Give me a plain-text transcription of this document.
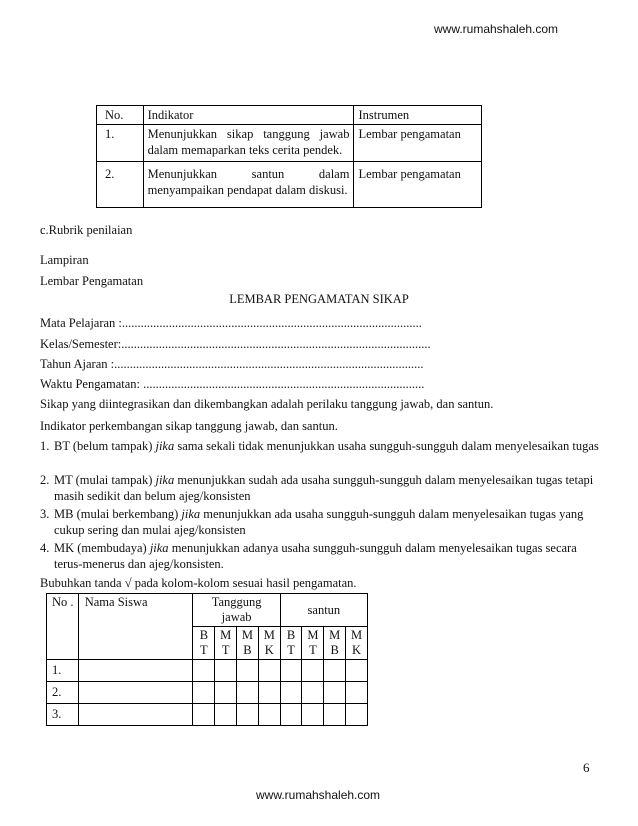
www.rumahshaleh.com
No.	Indikator	Instrumen
1.	Menunjukkan sikap tanggung jawab dalam memaparkan teks cerita pendek.	Lembar pengamatan
2.	Menunjukkan santun dalam menyampaikan pendapat dalam diskusi.	Lembar pengamatan
c.Rubrik penilaian
Lampiran
Lembar Pengamatan
LEMBAR PENGAMATAN SIKAP
Mata Pelajaran :................................................................................................
Kelas/Semester:...................................................................................................
Tahun Ajaran :...................................................................................................
Waktu Pengamatan: ..........................................................................................
Sikap yang diintegrasikan dan dikembangkan adalah perilaku tanggung jawab, dan santun.
Indikator perkembangan sikap tanggung jawab, dan santun.
1. BT (belum tampak) jika sama sekali tidak menunjukkan usaha sungguh-sungguh dalam menyelesaikan tugas
2. MT (mulai tampak) jika menunjukkan sudah ada usaha sungguh-sungguh dalam menyelesaikan tugas tetapi masih sedikit dan belum ajeg/konsisten
3. MB (mulai berkembang) jika menunjukkan ada usaha sungguh-sungguh dalam menyelesaikan tugas yang cukup sering dan mulai ajeg/konsisten
4. MK (membudaya) jika menunjukkan adanya usaha sungguh-sungguh dalam menyelesaikan tugas secara terus-menerus dan ajeg/konsisten.
Bubuhkan tanda √ pada kolom-kolom sesuai hasil pengamatan.
No .	Nama Siswa	Tanggung jawab				santun			
		B T	M T	M B	M K	B T	M T	M B	M K
1.									
2.									
3.									
6
www.rumahshaleh.com
